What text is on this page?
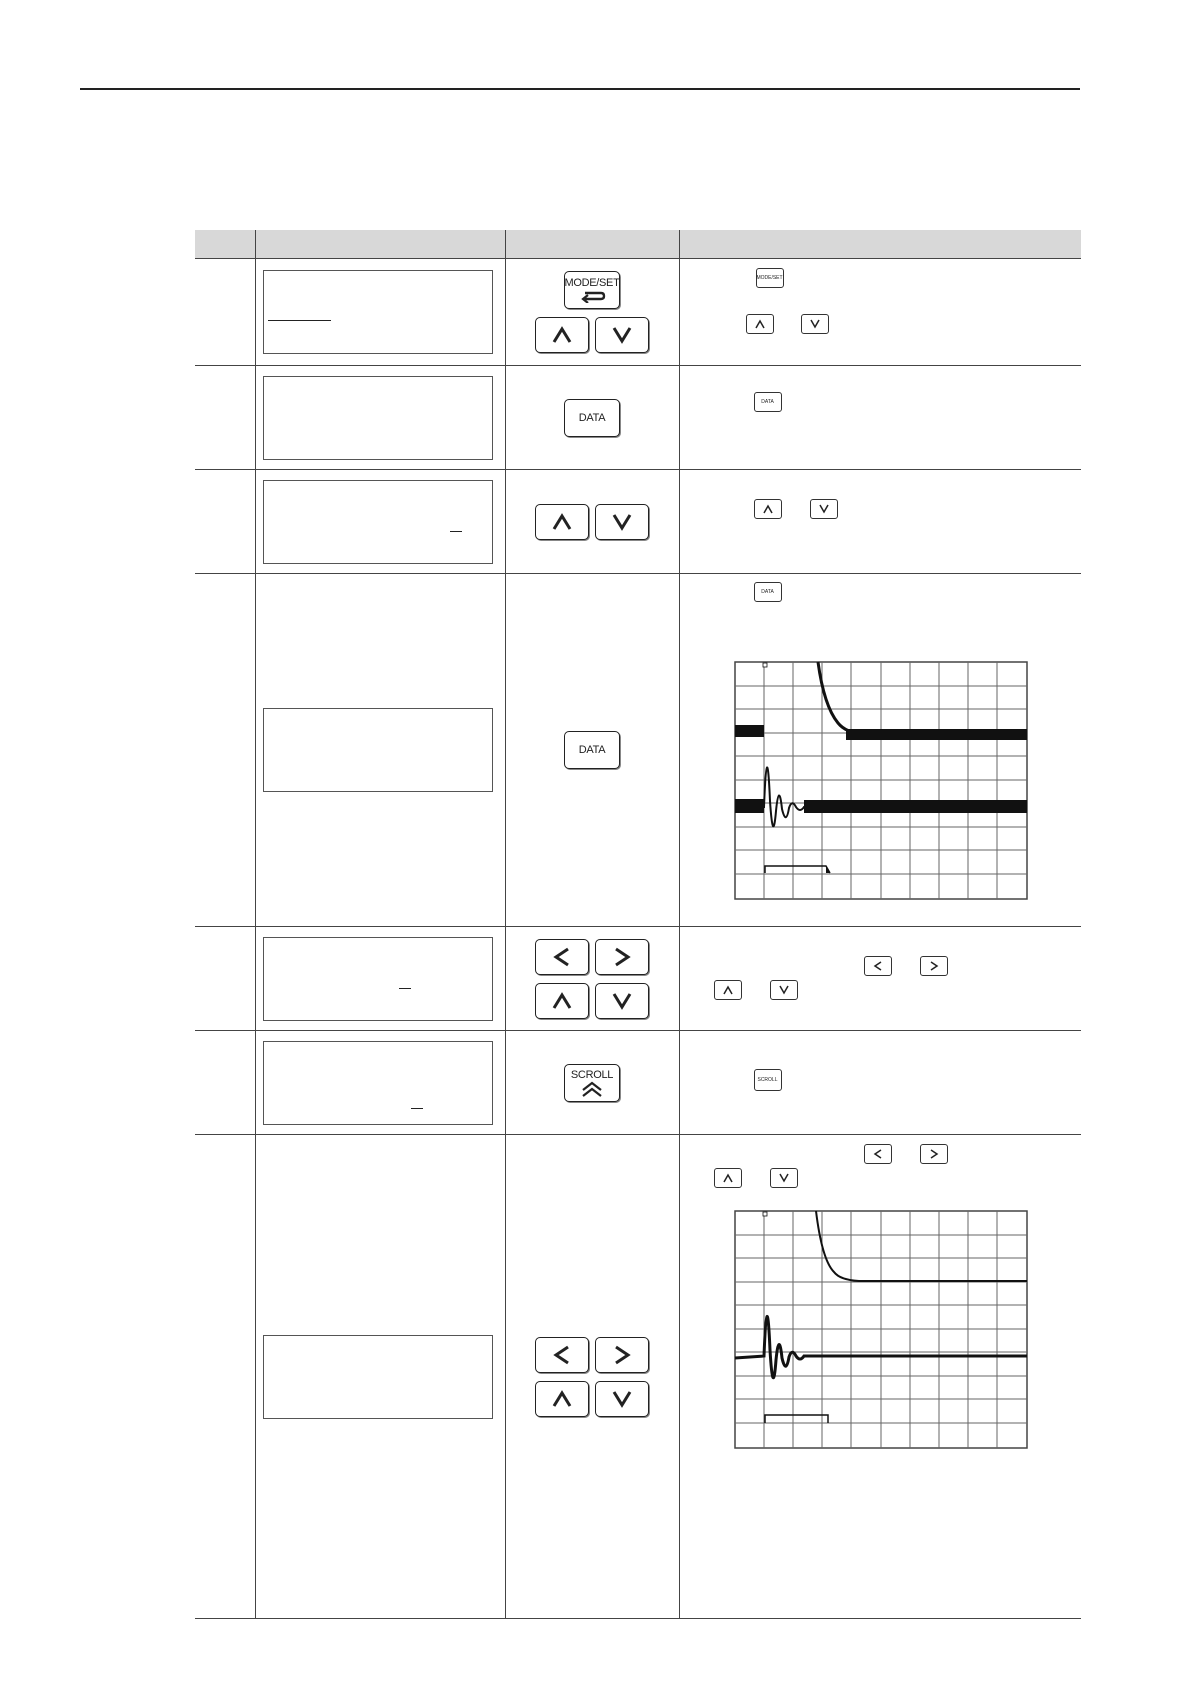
		MODE/SET	MODE/SET

		DATA	DATA

		DATA	DATA

		SCROLL	SCROLL
